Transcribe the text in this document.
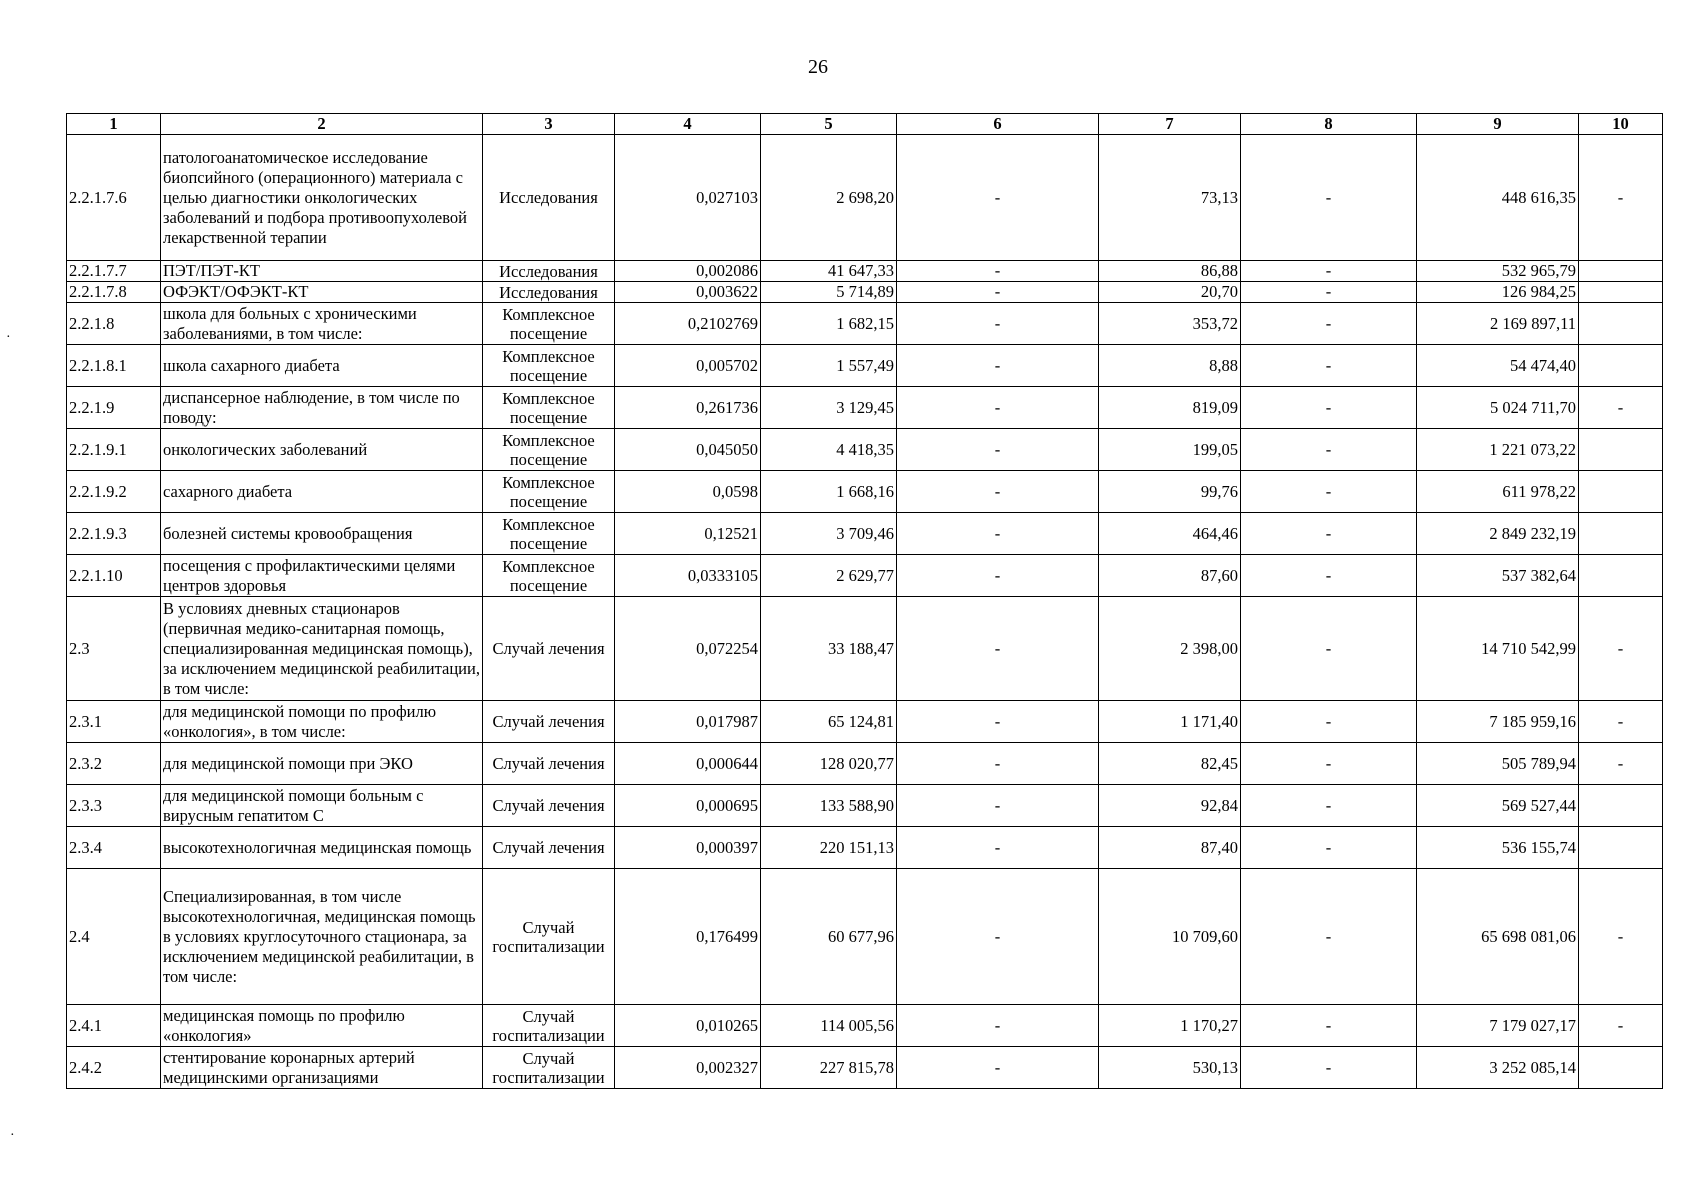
26
1	2	3	4	5	6	7	8	9	10
2.2.1.7.6	патологоанатомическое исследование биопсийного (операционного) материала с целью диагностики онкологических заболеваний и подбора противоопухолевой лекарственной терапии	Исследования	0,027103	2 698,20	-	73,13	-	448 616,35	-
2.2.1.7.7	ПЭТ/ПЭТ-КТ	Исследования	0,002086	41 647,33	-	86,88	-	532 965,79	
2.2.1.7.8	ОФЭКТ/ОФЭКТ-КТ	Исследования	0,003622	5 714,89	-	20,70	-	126 984,25	
2.2.1.8	школа для больных с хроническими заболеваниями, в том числе:	Комплексное посещение	0,2102769	1 682,15	-	353,72	-	2 169 897,11	
2.2.1.8.1	школа сахарного диабета	Комплексное посещение	0,005702	1 557,49	-	8,88	-	54 474,40	
2.2.1.9	диспансерное наблюдение, в том числе по поводу:	Комплексное посещение	0,261736	3 129,45	-	819,09	-	5 024 711,70	-
2.2.1.9.1	онкологических заболеваний	Комплексное посещение	0,045050	4 418,35	-	199,05	-	1 221 073,22	
2.2.1.9.2	сахарного диабета	Комплексное посещение	0,0598	1 668,16	-	99,76	-	611 978,22	
2.2.1.9.3	болезней системы кровообращения	Комплексное посещение	0,12521	3 709,46	-	464,46	-	2 849 232,19	
2.2.1.10	посещения с профилактическими целями центров здоровья	Комплексное посещение	0,0333105	2 629,77	-	87,60	-	537 382,64	
2.3	В условиях дневных стационаров (первичная медико-санитарная помощь, специализированная медицинская помощь), за исключением медицинской реабилитации, в том числе:	Случай лечения	0,072254	33 188,47	-	2 398,00	-	14 710 542,99	-
2.3.1	для медицинской помощи по профилю «онкология», в том числе:	Случай лечения	0,017987	65 124,81	-	1 171,40	-	7 185 959,16	-
2.3.2	для медицинской помощи при ЭКО	Случай лечения	0,000644	128 020,77	-	82,45	-	505 789,94	-
2.3.3	для медицинской помощи больным с вирусным гепатитом С	Случай лечения	0,000695	133 588,90	-	92,84	-	569 527,44	
2.3.4	высокотехнологичная медицинская помощь	Случай лечения	0,000397	220 151,13	-	87,40	-	536 155,74	
2.4	Специализированная, в том числе высокотехнологичная, медицинская помощь в условиях круглосуточного стационара, за исключением медицинской реабилитации, в том числе:	Случай госпитализации	0,176499	60 677,96	-	10 709,60	-	65 698 081,06	-
2.4.1	медицинская помощь по профилю «онкология»	Случай госпитализации	0,010265	114 005,56	-	1 170,27	-	7 179 027,17	-
2.4.2	стентирование коронарных артерий медицинскими организациями	Случай госпитализации	0,002327	227 815,78	-	530,13	-	3 252 085,14	
·
·
